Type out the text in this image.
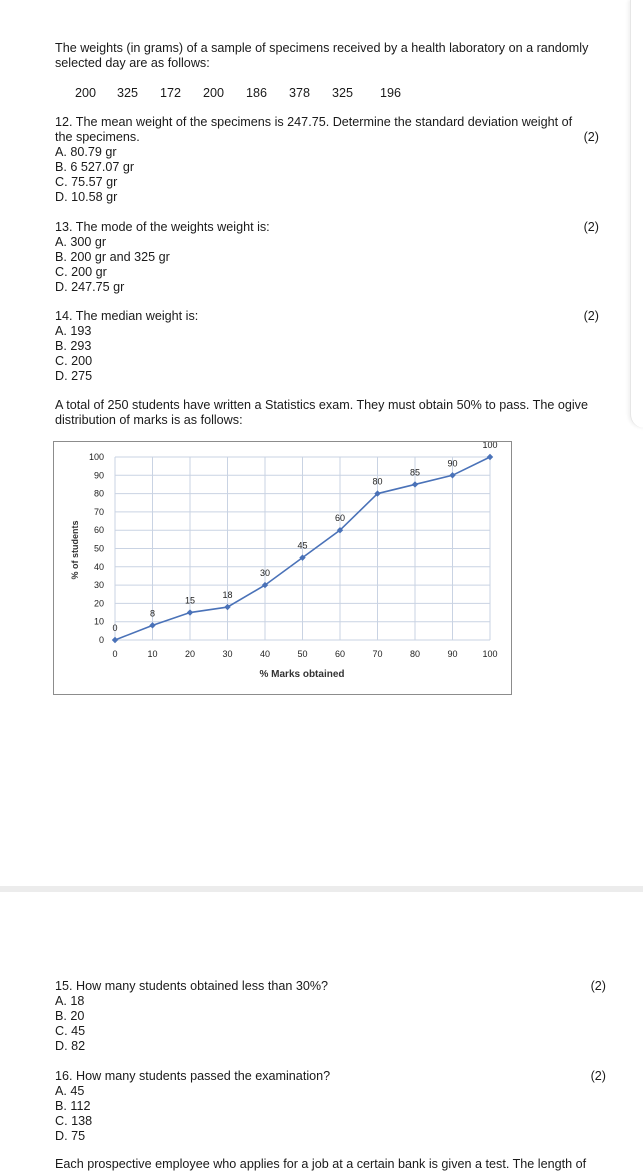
The weights (in grams) of a sample of specimens received by a health laboratory on a randomly
selected day are as follows:
200 325 172 200 186 378 325 196
12. The mean weight of the specimens is 247.75. Determine the standard deviation weight of
the specimens.	(2)
A. 80.79 gr
B. 6 527.07 gr
C. 75.57 gr
D. 10.58 gr
13. The mode of the weights weight is:	(2)
A. 300 gr
B. 200 gr and 325 gr
C. 200 gr
D. 247.75 gr
14. The median weight is:	(2)
A. 193
B. 293
C. 200
D. 275
A total of 250 students have written a Statistics exam. They must obtain 50% to pass. The ogive
distribution of marks is as follows:
0
10
20
30
40
50
60
70
80
90
100
0	10	20	30	40	50	60	70	80	90	100
0
8
15
18
30
45
60
80
85
90
100
% Marks obtained
% of students
15. How many students obtained less than 30%?	(2)
A. 18
B. 20
C. 45
D. 82
16. How many students passed the examination?	(2)
A. 45
B. 112
C. 138
D. 75
Each prospective employee who applies for a job at a certain bank is given a test. The length of
